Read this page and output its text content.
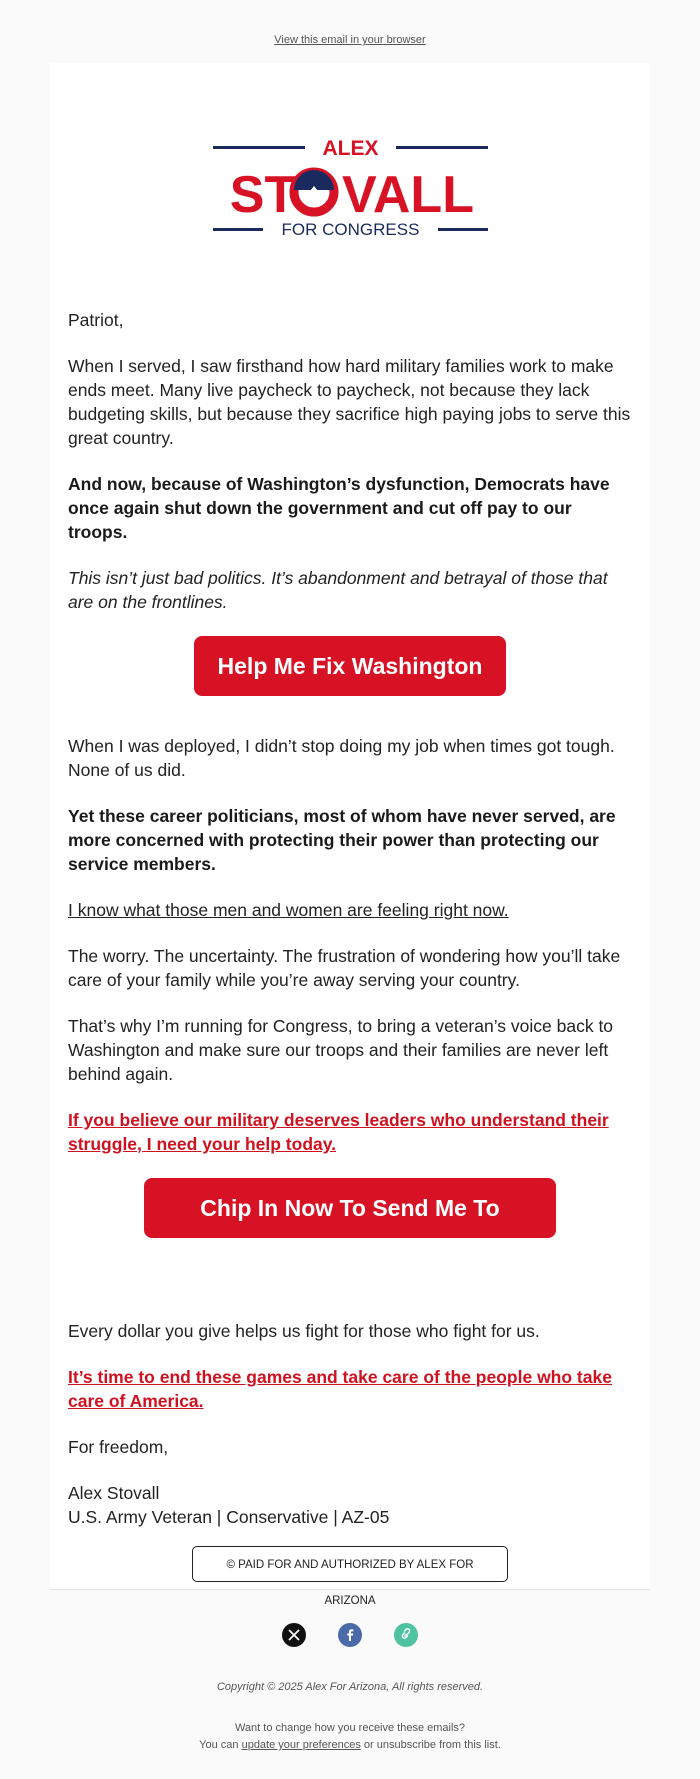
View this email in your browser
ALEX
ST VALL
FOR CONGRESS

Patriot,

When I served, I saw firsthand how hard military families work to make ends meet. Many live paycheck to paycheck, not because they lack budgeting skills, but because they sacrifice high paying jobs to serve this great country.

And now, because of Washington’s dysfunction, Democrats have once again shut down the government and cut off pay to our troops.

This isn’t just bad politics. It’s abandonment and betrayal of those that are on the frontlines.

Help Me Fix Washington

When I was deployed, I didn’t stop doing my job when times got tough. None of us did.

Yet these career politicians, most of whom have never served, are more concerned with protecting their power than protecting our service members.

I know what those men and women are feeling right now.

The worry. The uncertainty. The frustration of wondering how you’ll take care of your family while you’re away serving your country.

That’s why I’m running for Congress, to bring a veteran’s voice back to Washington and make sure our troops and their families are never left behind again.

If you believe our military deserves leaders who understand their struggle, I need your help today.

Chip In Now To Send Me To Congress

Every dollar you give helps us fight for those who fight for us.

It’s time to end these games and take care of the people who take care of America.

For freedom,

Alex Stovall

U.S. Army Veteran | Conservative | AZ-05

© PAID FOR AND AUTHORIZED BY ALEX FOR ARIZONA

Copyright © 2025 Alex For Arizona, All rights reserved.
Want to change how you receive these emails?
You can update your preferences or unsubscribe from this list.
